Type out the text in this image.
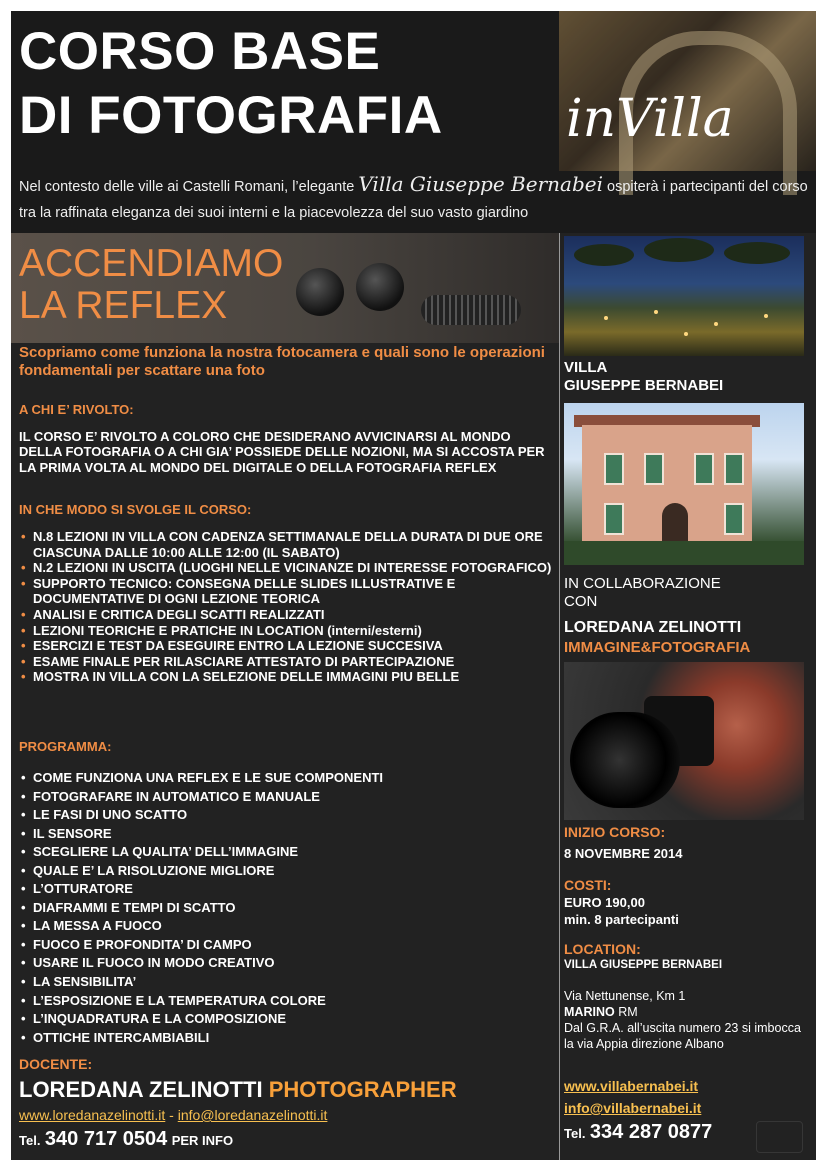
CORSO BASE
DI FOTOGRAFIA inVilla
Nel contesto delle ville ai Castelli Romani, l’elegante Villa Giuseppe Bernabei ospiterà i partecipanti del corso tra la raffinata eleganza dei suoi interni e la piacevolezza del suo vasto giardino
ACCENDIAMO
LA REFLEX
Scopriamo come funziona la nostra fotocamera e quali sono le operazioni fondamentali per scattare una foto
A CHI E’ RIVOLTO:
IL CORSO E’ RIVOLTO A COLORO CHE DESIDERANO AVVICINARSI AL MONDO DELLA FOTOGRAFIA O A CHI GIA’ POSSIEDE DELLE NOZIONI, MA SI ACCOSTA PER LA PRIMA VOLTA AL MONDO DEL DIGITALE O DELLA FOTOGRAFIA REFLEX
IN CHE MODO SI SVOLGE IL CORSO:
• N.8 LEZIONI IN VILLA CON CADENZA SETTIMANALE DELLA DURATA DI DUE ORE CIASCUNA DALLE 10:00 ALLE 12:00 (IL SABATO)
• N.2 LEZIONI IN USCITA (LUOGHI NELLE VICINANZE DI INTERESSE FOTOGRAFICO)
• SUPPORTO TECNICO: CONSEGNA DELLE SLIDES ILLUSTRATIVE E DOCUMENTATIVE DI OGNI LEZIONE TEORICA
• ANALISI E CRITICA DEGLI SCATTI REALIZZATI
• LEZIONI TEORICHE E PRATICHE IN LOCATION (interni/esterni)
• ESERCIZI E TEST DA ESEGUIRE ENTRO LA LEZIONE SUCCESIVA
• ESAME FINALE PER RILASCIARE ATTESTATO DI PARTECIPAZIONE
• MOSTRA IN VILLA CON LA SELEZIONE DELLE IMMAGINI PIU BELLE
PROGRAMMA:
• COME FUNZIONA UNA REFLEX E LE SUE COMPONENTI
• FOTOGRAFARE IN AUTOMATICO E MANUALE
• LE FASI DI UNO SCATTO
• IL SENSORE
• SCEGLIERE LA QUALITA’ DELL’IMMAGINE
• QUALE E’ LA RISOLUZIONE MIGLIORE
• L’OTTURATORE
• DIAFRAMMI E TEMPI DI SCATTO
• LA MESSA A FUOCO
• FUOCO E PROFONDITA’ DI CAMPO
• USARE IL FUOCO IN MODO CREATIVO
• LA SENSIBILITA’
• L’ESPOSIZIONE E LA TEMPERATURA COLORE
• L’INQUADRATURA E LA COMPOSIZIONE
• OTTICHE INTERCAMBIABILI
DOCENTE:
LOREDANA ZELINOTTI PHOTOGRAPHER
www.loredanazelinotti.it - info@loredanazelinotti.it
Tel. 340 717 0504 PER INFO
VILLA
GIUSEPPE BERNABEI
IN COLLABORAZIONE
CON
LOREDANA ZELINOTTI
IMMAGINE&FOTOGRAFIA
INIZIO CORSO:
8 NOVEMBRE 2014
COSTI:
EURO 190,00
min. 8 partecipanti
LOCATION:
VILLA GIUSEPPE BERNABEI
Via Nettunense, Km 1
MARINO RM
Dal G.R.A. all’uscita numero 23 si imbocca la via Appia direzione Albano
www.villabernabei.it
info@villabernabei.it
Tel. 334 287 0877
